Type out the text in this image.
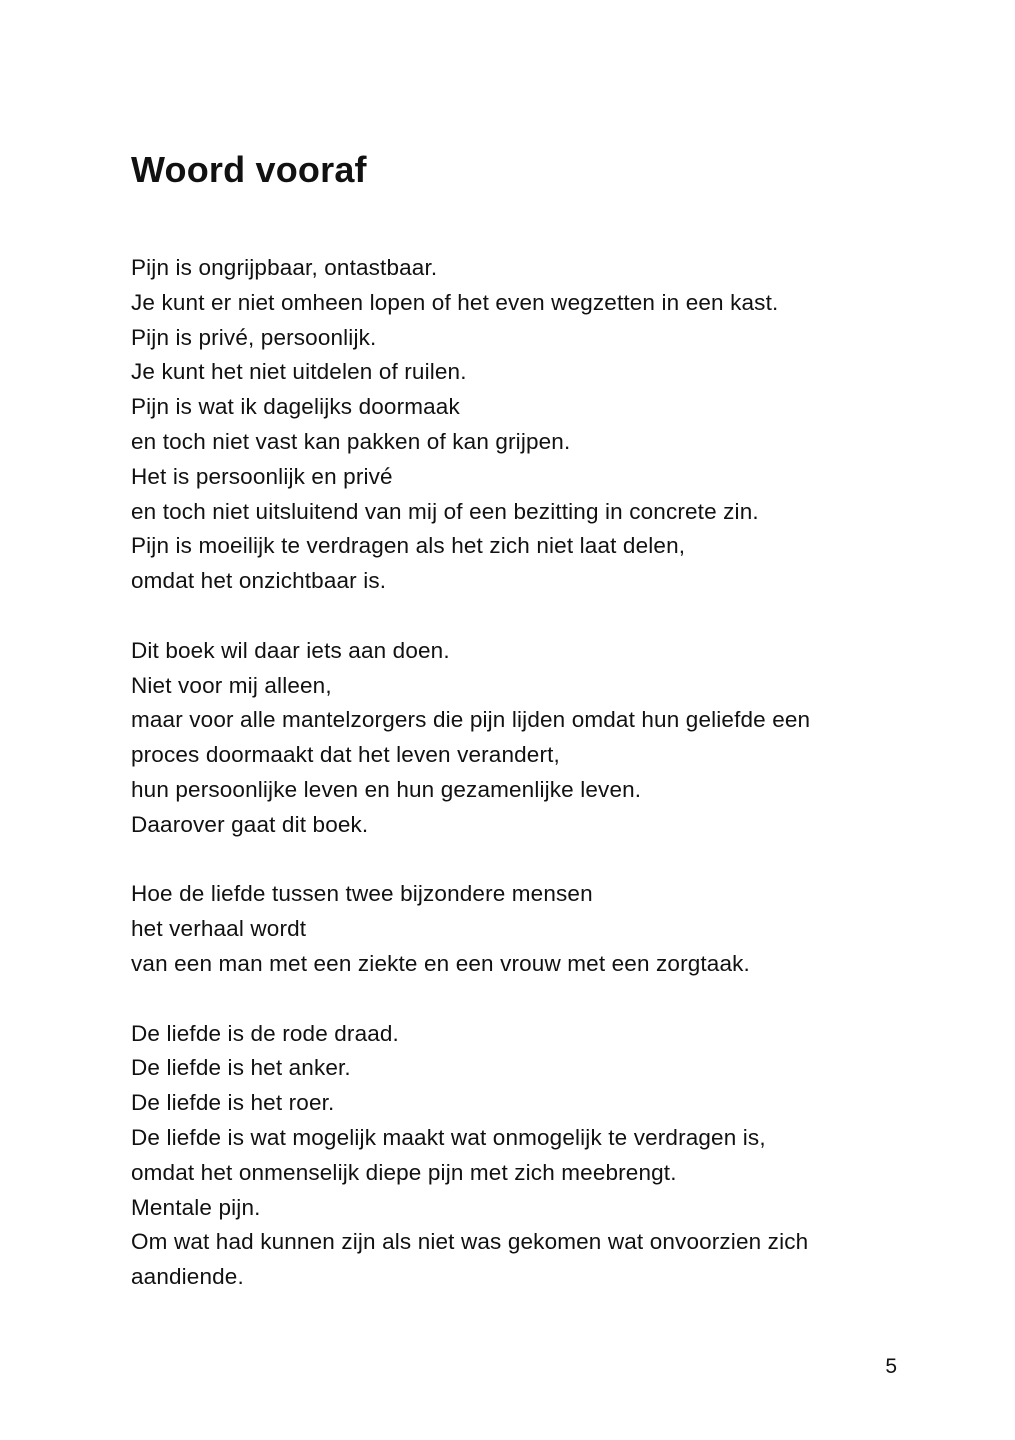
Woord vooraf
Pijn is ongrijpbaar, ontastbaar.
Je kunt er niet omheen lopen of het even wegzetten in een kast.
Pijn is privé, persoonlijk.
Je kunt het niet uitdelen of ruilen.
Pijn is wat ik dagelijks doormaak
en toch niet vast kan pakken of kan grijpen.
Het is persoonlijk en privé
en toch niet uitsluitend van mij of een bezitting in concrete zin.
Pijn is moeilijk te verdragen als het zich niet laat delen,
omdat het onzichtbaar is.
Dit boek wil daar iets aan doen.
Niet voor mij alleen,
maar voor alle mantelzorgers die pijn lijden omdat hun geliefde een
proces doormaakt dat het leven verandert,
hun persoonlijke leven en hun gezamenlijke leven.
Daarover gaat dit boek.
Hoe de liefde tussen twee bijzondere mensen
het verhaal wordt
van een man met een ziekte en een vrouw met een zorgtaak.
De liefde is de rode draad.
De liefde is het anker.
De liefde is het roer.
De liefde is wat mogelijk maakt wat onmogelijk te verdragen is,
omdat het onmenselijk diepe pijn met zich meebrengt.
Mentale pijn.
Om wat had kunnen zijn als niet was gekomen wat onvoorzien zich
aandiende.
5
